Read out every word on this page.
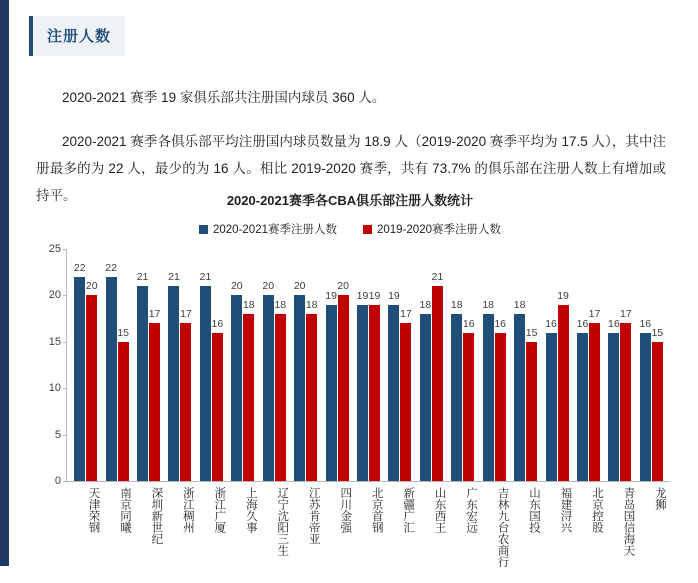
注册人数
2020-2021 赛季 19 家俱乐部共注册国内球员 360 人。
2020-2021 赛季各俱乐部平均注册国内球员数量为 18.9 人（2019-2020 赛季平均为 17.5 人），其中注册最多的为 22 人，最少的为 16 人。相比 2019-2020 赛季，共有 73.7% 的俱乐部在注册人数上有增加或持平。	2020-2021赛季各CBA俱乐部注册人数统计
2020-2021赛季注册人数	2019-2020赛季注册人数
0
5
10
15
20
25
22
20
22
15
21
17
21
17
21
16
20
18
20
18
20
18
19
20
19 19 19
17
18
21
18
16
18
16
18
15
16
19
16
17
16
17
16
15
天津荣钢	南京同曦	深圳新世纪	浙江稠州	浙江广厦	上海久事	辽宁沈阳三生	江苏肯帝亚	四川金强	北京首钢	新疆广汇	山东西王	广东宏远	吉林九台农商行	山东国投	福建浔兴	北京控股	青岛国信海天	龙狮
